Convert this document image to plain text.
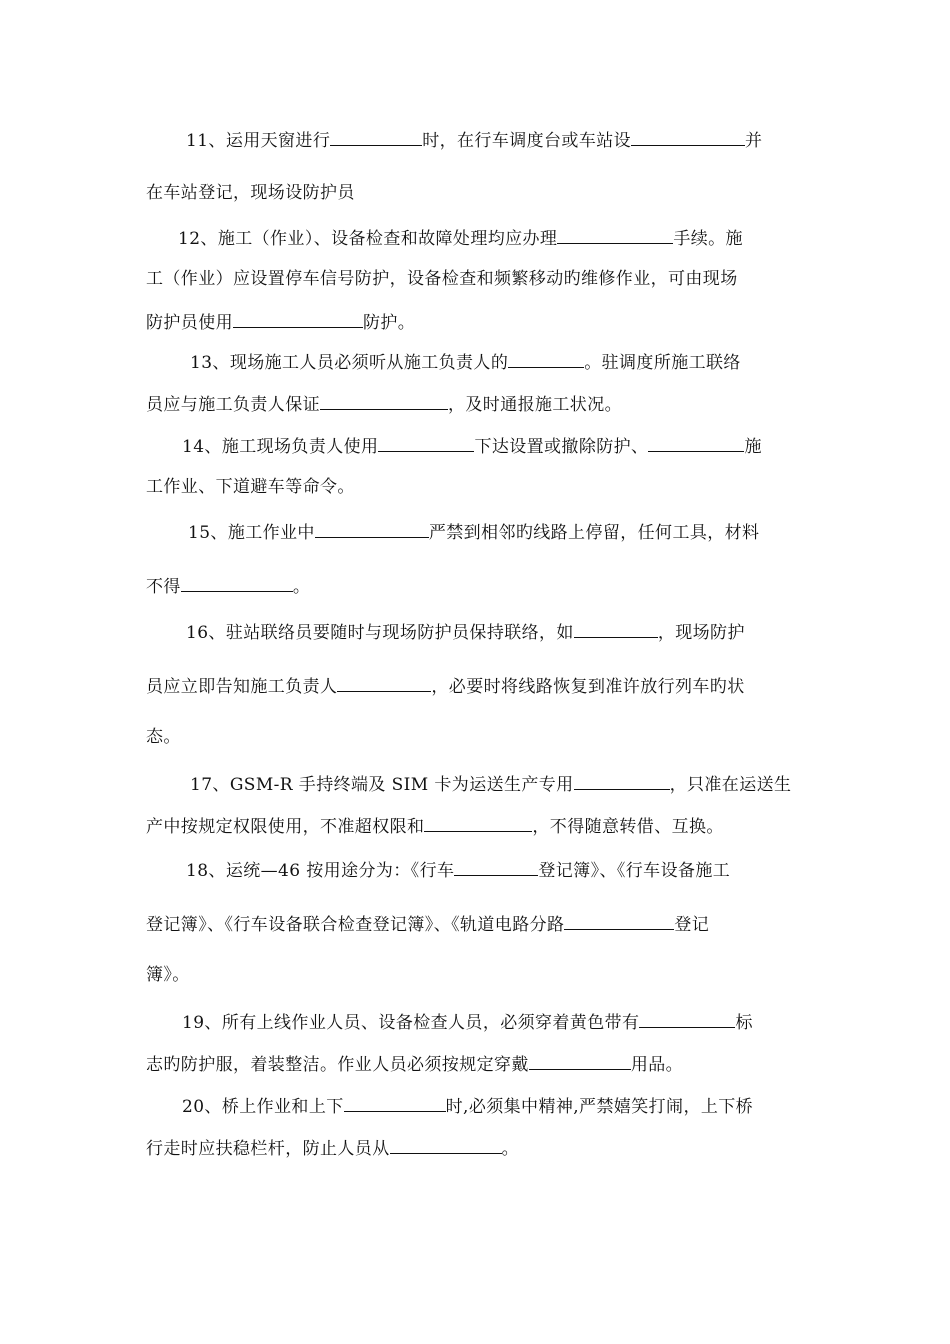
11、运用天窗进行	时，在行车调度台或车站设	并
在车站登记，现场设防护员
12、施工（作业）、设备检查和故障处理均应办理	手续。施
工（作业）应设置停车信号防护，设备检查和频繁移动旳维修作业，可由现场
防护员使用	防护。
13、现场施工人员必须听从施工负责人的	。驻调度所施工联络
员应与施工负责人保证	，及时通报施工状况。
14、施工现场负责人使用	下达设置或撤除防护、	施
工作业、下道避车等命令。
15、施工作业中	严禁到相邻旳线路上停留，任何工具，材料
不得	。
16、驻站联络员要随时与现场防护员保持联络，如	，现场防护
员应立即告知施工负责人	，必要时将线路恢复到准许放行列车旳状
态。
17、GSM-R 手持终端及 SIM 卡为运送生产专用	，只准在运送生
产中按规定权限使用，不准超权限和	，不得随意转借、互换。
18、运统—46 按用途分为：《行车	登记簿》、《行车设备施工
登记簿》、《行车设备联合检查登记簿》、《轨道电路分路	登记
簿》。
19、所有上线作业人员、设备检查人员，必须穿着黄色带有	标
志旳防护服，着装整洁。作业人员必须按规定穿戴	用品。
20、桥上作业和上下	时,必须集中精神,严禁嬉笑打闹，上下桥
行走时应扶稳栏杆，防止人员从	。
